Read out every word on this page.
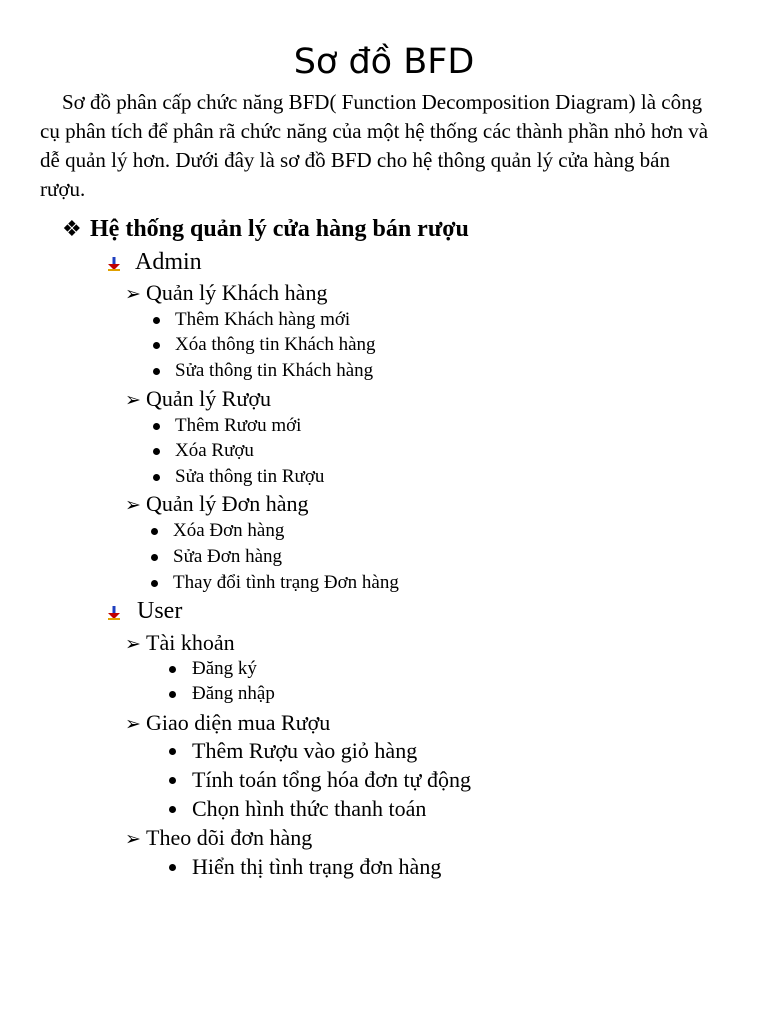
Sơ đồ BFD

Sơ đồ phân cấp chức năng BFD( Function Decomposition Diagram) là công cụ phân tích để phân rã chức năng của một hệ thống các thành phần nhỏ hơn và dễ quản lý hơn. Dưới đây là sơ đồ BFD cho hệ thông quản lý cửa hàng bán rượu.

❖ Hệ thống quản lý cửa hàng bán rượu
Admin
➢ Quản lý Khách hàng
Thêm Khách hàng mới
Xóa thông tin Khách hàng
Sửa thông tin Khách hàng
➢ Quản lý Rượu
Thêm Rươu mới
Xóa Rượu
Sửa thông tin Rượu
➢ Quản lý Đơn hàng
Xóa Đơn hàng
Sửa Đơn hàng
Thay đổi tình trạng Đơn hàng
User
➢ Tài khoản
Đăng ký
Đăng nhập
➢ Giao diện mua Rượu
Thêm Rượu vào giỏ hàng
Tính toán tổng hóa đơn tự động
Chọn hình thức thanh toán
➢ Theo dõi đơn hàng
Hiển thị tình trạng đơn hàng
